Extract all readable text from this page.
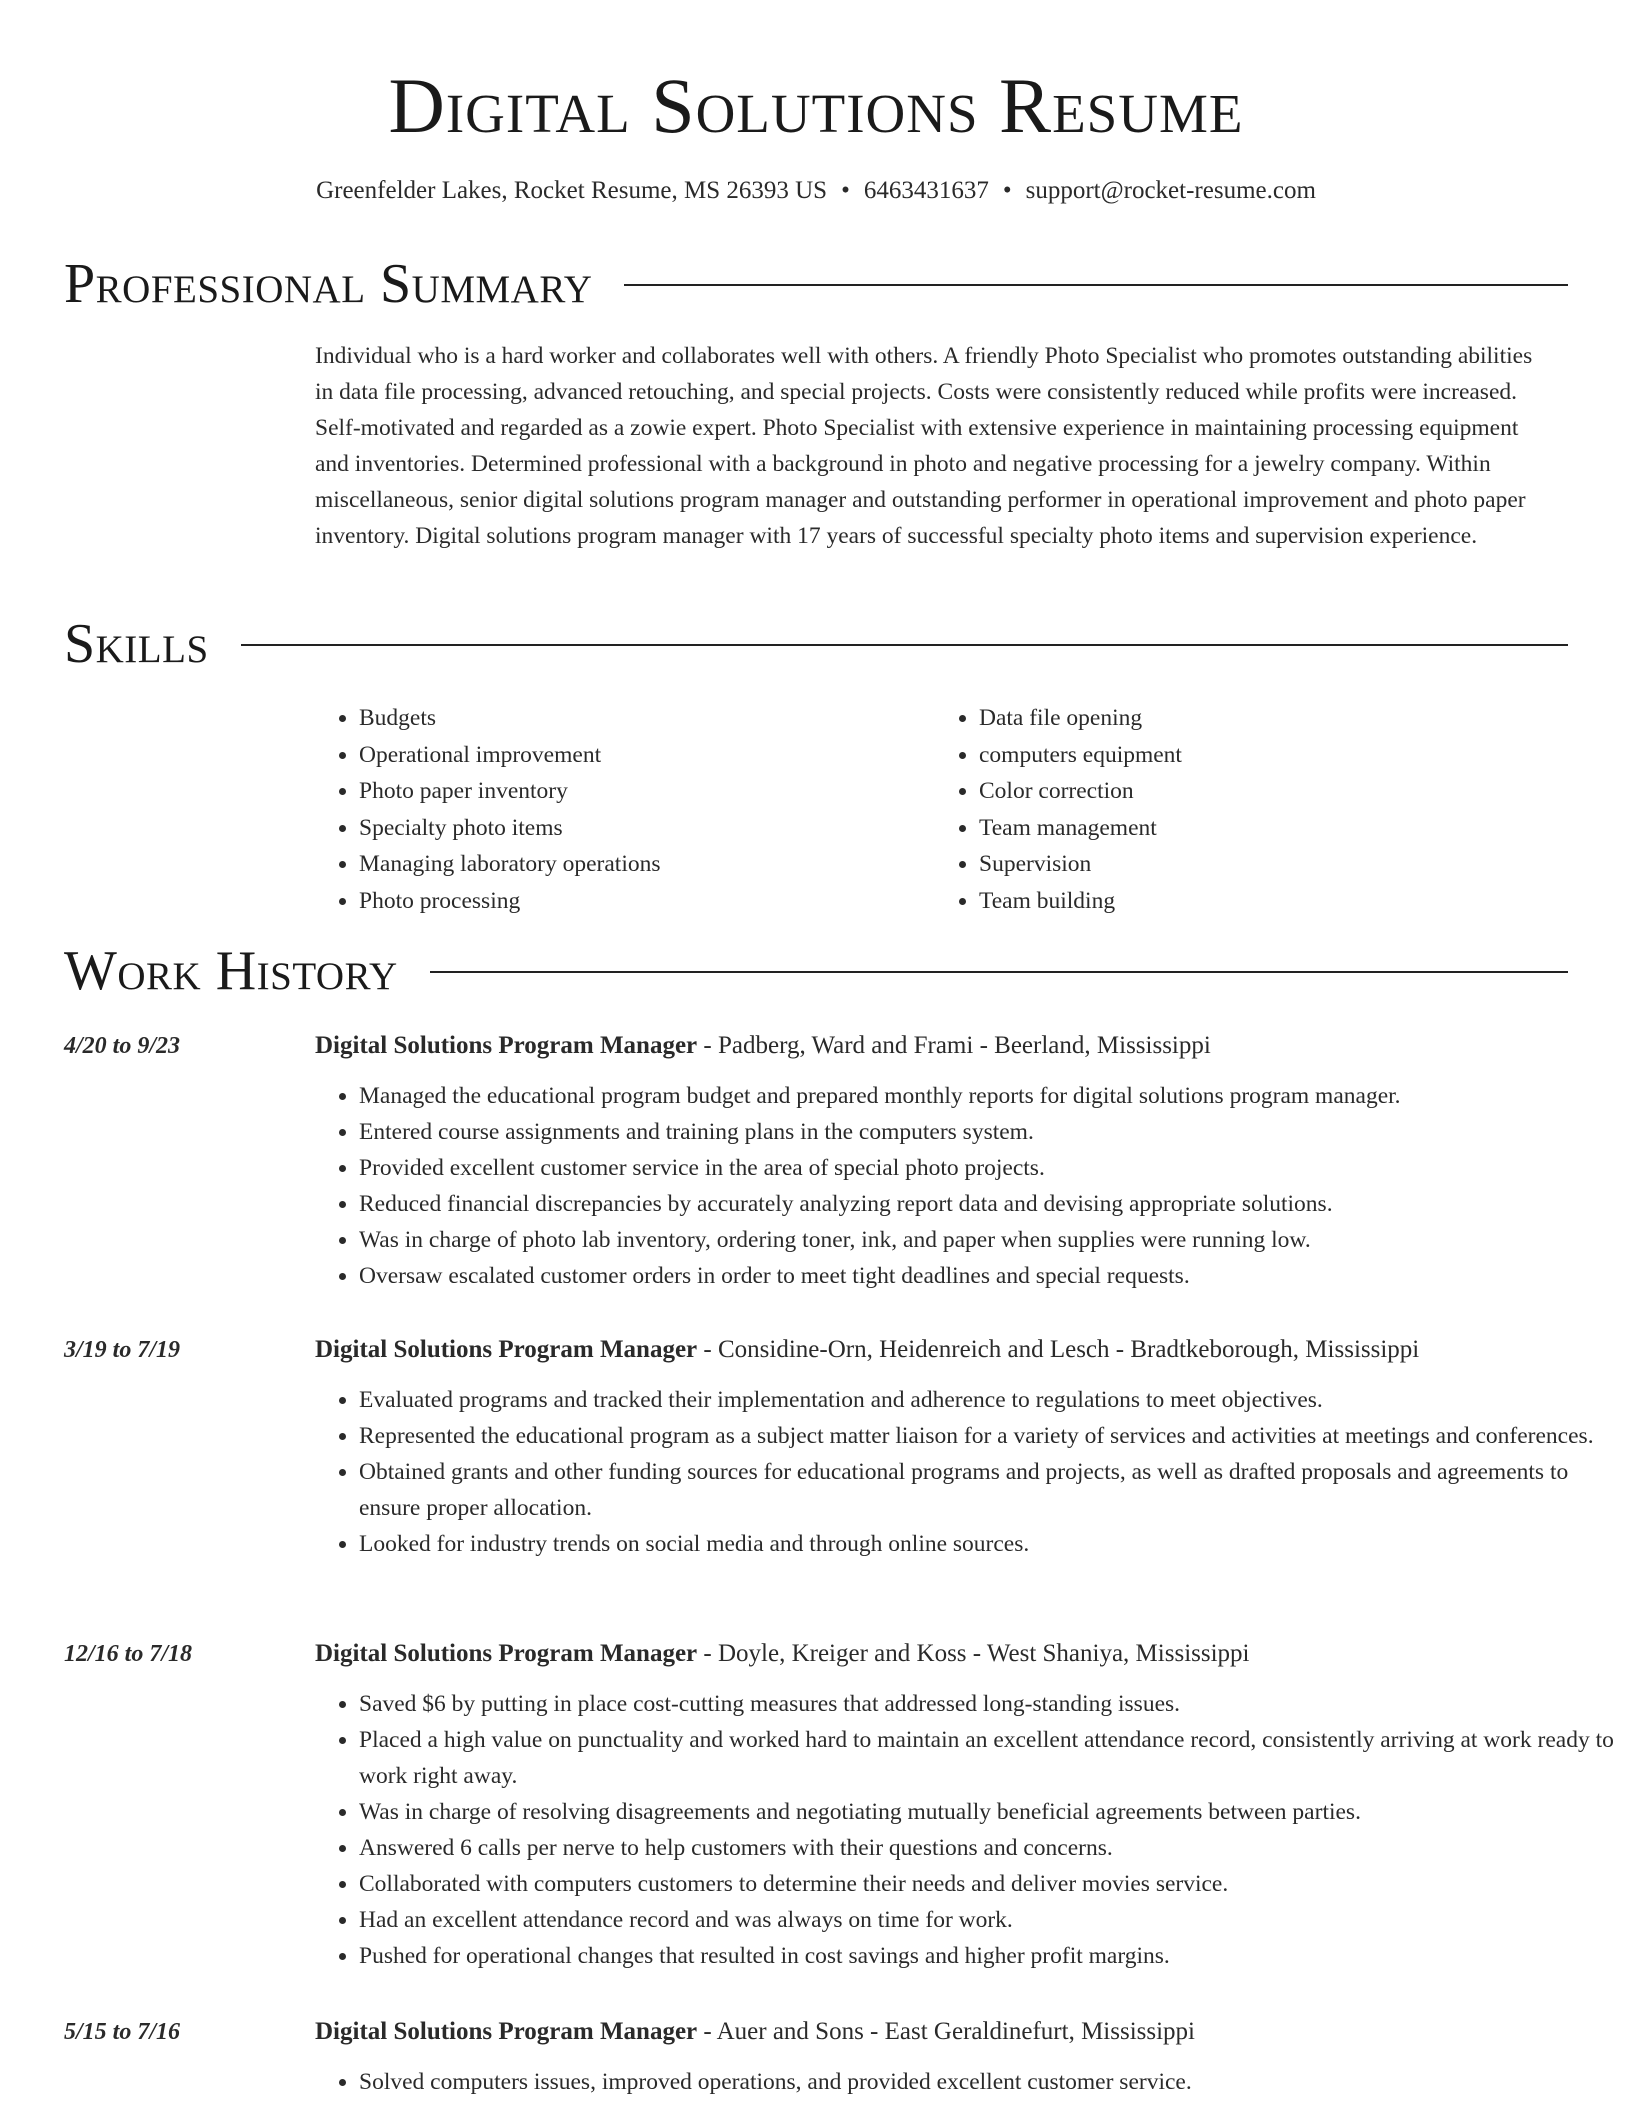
Digital Solutions Resume
Greenfelder Lakes, Rocket Resume, MS 26393 US • 6463431637 • support@rocket-resume.com
Professional Summary

Individual who is a hard worker and collaborates well with others. A friendly Photo Specialist who promotes outstanding abilities in data file processing, advanced retouching, and special projects. Costs were consistently reduced while profits were increased. Self-motivated and regarded as a zowie expert. Photo Specialist with extensive experience in maintaining processing equipment and inventories. Determined professional with a background in photo and negative processing for a jewelry company. Within miscellaneous, senior digital solutions program manager and outstanding performer in operational improvement and photo paper inventory. Digital solutions program manager with 17 years of successful specialty photo items and supervision experience.

Skills
• Budgets
• Operational improvement
• Photo paper inventory
• Specialty photo items
• Managing laboratory operations
• Photo processing
• Data file opening
• computers equipment
• Color correction
• Team management
• Supervision
• Team building
Work History
4/20 to 9/23	Digital Solutions Program Manager - Padberg, Ward and Frami - Beerland, Mississippi
• Managed the educational program budget and prepared monthly reports for digital solutions program manager.
• Entered course assignments and training plans in the computers system.
• Provided excellent customer service in the area of special photo projects.
• Reduced financial discrepancies by accurately analyzing report data and devising appropriate solutions.
• Was in charge of photo lab inventory, ordering toner, ink, and paper when supplies were running low.
• Oversaw escalated customer orders in order to meet tight deadlines and special requests.
3/19 to 7/19	Digital Solutions Program Manager - Considine-Orn, Heidenreich and Lesch - Bradtkeborough, Mississippi
• Evaluated programs and tracked their implementation and adherence to regulations to meet objectives.
• Represented the educational program as a subject matter liaison for a variety of services and activities at meetings and conferences.
• Obtained grants and other funding sources for educational programs and projects, as well as drafted proposals and agreements to ensure proper allocation.
• Looked for industry trends on social media and through online sources.
12/16 to 7/18	Digital Solutions Program Manager - Doyle, Kreiger and Koss - West Shaniya, Mississippi
• Saved $6 by putting in place cost-cutting measures that addressed long-standing issues.
• Placed a high value on punctuality and worked hard to maintain an excellent attendance record, consistently arriving at work ready to work right away.
• Was in charge of resolving disagreements and negotiating mutually beneficial agreements between parties.
• Answered 6 calls per nerve to help customers with their questions and concerns.
• Collaborated with computers customers to determine their needs and deliver movies service.
• Had an excellent attendance record and was always on time for work.
• Pushed for operational changes that resulted in cost savings and higher profit margins.
5/15 to 7/16	Digital Solutions Program Manager - Auer and Sons - East Geraldinefurt, Mississippi
• Solved computers issues, improved operations, and provided excellent customer service.
